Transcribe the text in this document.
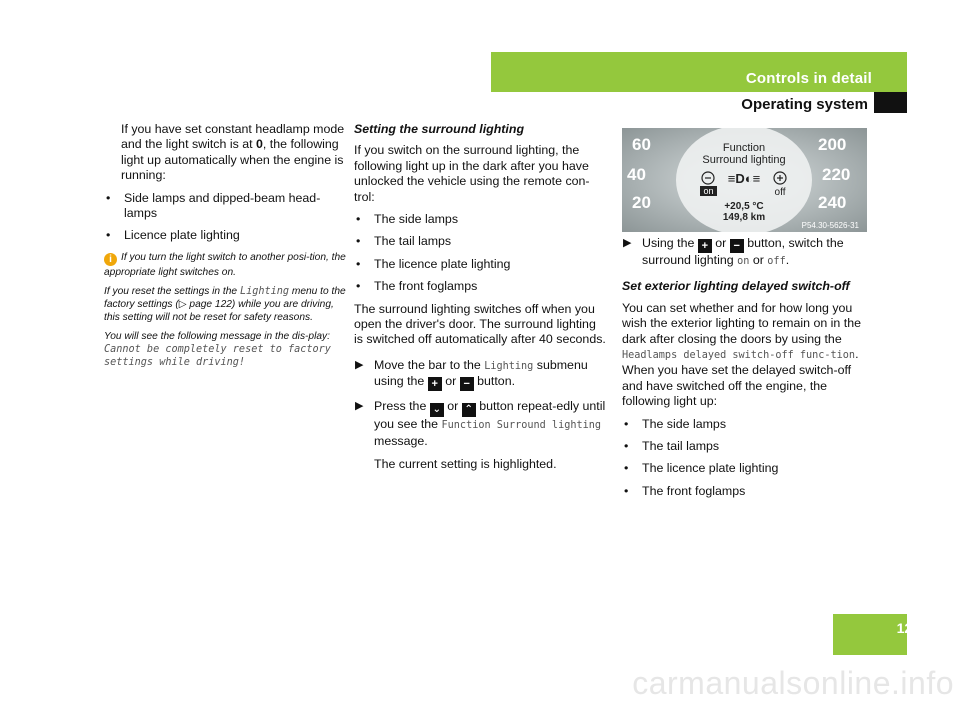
Controls in detail
Operating system

If you have set constant headlamp mode and the light switch is at 0, the following light up automatically when the engine is running:

• Side lamps and dipped-beam head-lamps
• Licence plate lighting

i If you turn the light switch to another posi-tion, the appropriate light switches on.

If you reset the settings in the Lighting menu to the factory settings (▷ page 122) while you are driving, this setting will not be reset for safety reasons.

You will see the following message in the dis-play: Cannot be completely reset to factory settings while driving!

Setting the surround lighting

If you switch on the surround lighting, the following light up in the dark after you have unlocked the vehicle using the remote con-trol:

• The side lamps
• The tail lamps
• The licence plate lighting
• The front foglamps

The surround lighting switches off when you open the driver's door. The surround lighting is switched off automatically after 40 seconds.

▶ Move the bar to the Lighting submenu using the + or − button.
▶ Press the ⌄ or ⌃ button repeat-edly until you see the Function Surround lighting message.

The current setting is highlighted.

60
40
20
200
220
240
Function
Surround lighting
≡D◐≡
on	off
+20,5 °C
149,8 km
P54.30-5626-31
▶ Using the + or − button, switch the surround lighting on or off.

Set exterior lighting delayed switch-off

You can set whether and for how long you wish the exterior lighting to remain on in the dark after closing the doors by using the Headlamps delayed switch-off func-tion. When you have set the delayed switch-off and have switched off the engine, the following light up:

• The side lamps
• The tail lamps
• The licence plate lighting
• The front foglamps
123
carmanualsonline.info
